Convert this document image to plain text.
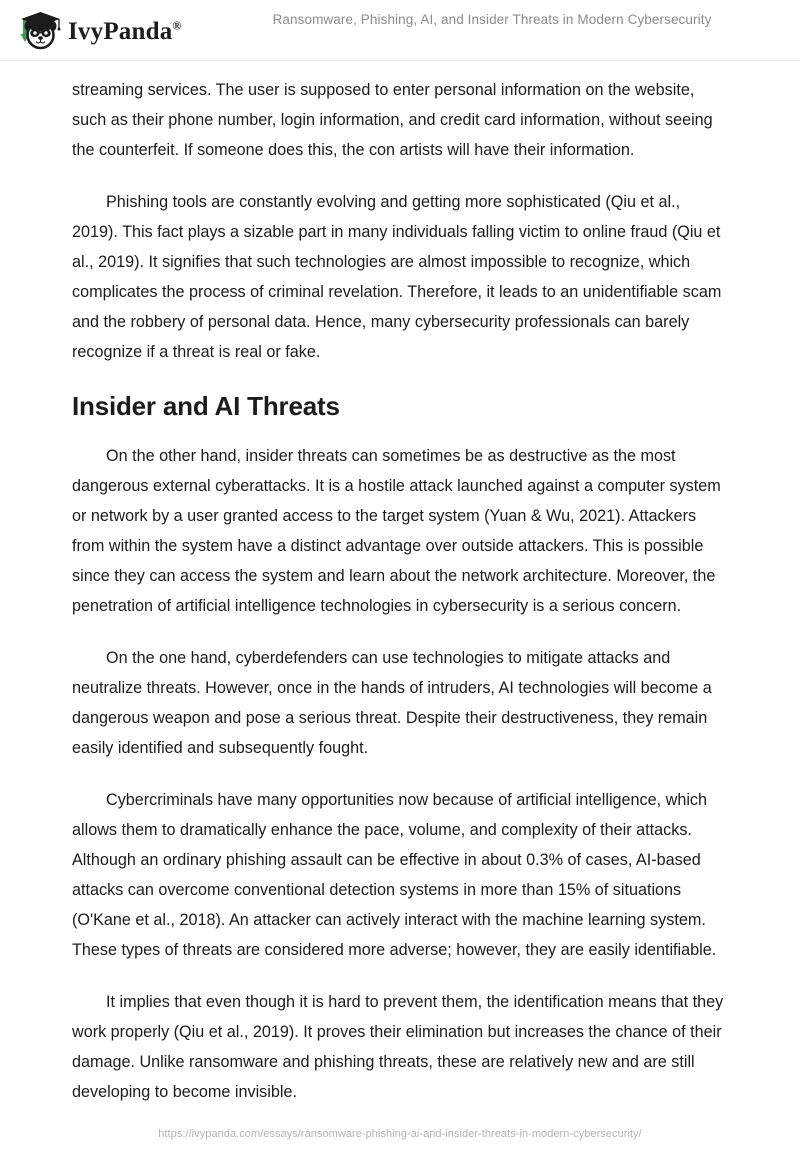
IvyPanda®	Ransomware, Phishing, AI, and Insider Threats in Modern Cybersecurity

streaming services. The user is supposed to enter personal information on the website, such as their phone number, login information, and credit card information, without seeing the counterfeit. If someone does this, the con artists will have their information.

Phishing tools are constantly evolving and getting more sophisticated (Qiu et al., 2019). This fact plays a sizable part in many individuals falling victim to online fraud (Qiu et al., 2019). It signifies that such technologies are almost impossible to recognize, which complicates the process of criminal revelation. Therefore, it leads to an unidentifiable scam and the robbery of personal data. Hence, many cybersecurity professionals can barely recognize if a threat is real or fake.

Insider and AI Threats

On the other hand, insider threats can sometimes be as destructive as the most dangerous external cyberattacks. It is a hostile attack launched against a computer system or network by a user granted access to the target system (Yuan & Wu, 2021). Attackers from within the system have a distinct advantage over outside attackers. This is possible since they can access the system and learn about the network architecture. Moreover, the penetration of artificial intelligence technologies in cybersecurity is a serious concern.

On the one hand, cyberdefenders can use technologies to mitigate attacks and neutralize threats. However, once in the hands of intruders, AI technologies will become a dangerous weapon and pose a serious threat. Despite their destructiveness, they remain easily identified and subsequently fought.

Cybercriminals have many opportunities now because of artificial intelligence, which allows them to dramatically enhance the pace, volume, and complexity of their attacks. Although an ordinary phishing assault can be effective in about 0.3% of cases, AI-based attacks can overcome conventional detection systems in more than 15% of situations (O'Kane et al., 2018). An attacker can actively interact with the machine learning system. These types of threats are considered more adverse; however, they are easily identifiable.

It implies that even though it is hard to prevent them, the identification means that they work properly (Qiu et al., 2019). It proves their elimination but increases the chance of their damage. Unlike ransomware and phishing threats, these are relatively new and are still developing to become invisible.

https://ivypanda.com/essays/ransomware-phishing-ai-and-insider-threats-in-modern-cybersecurity/
